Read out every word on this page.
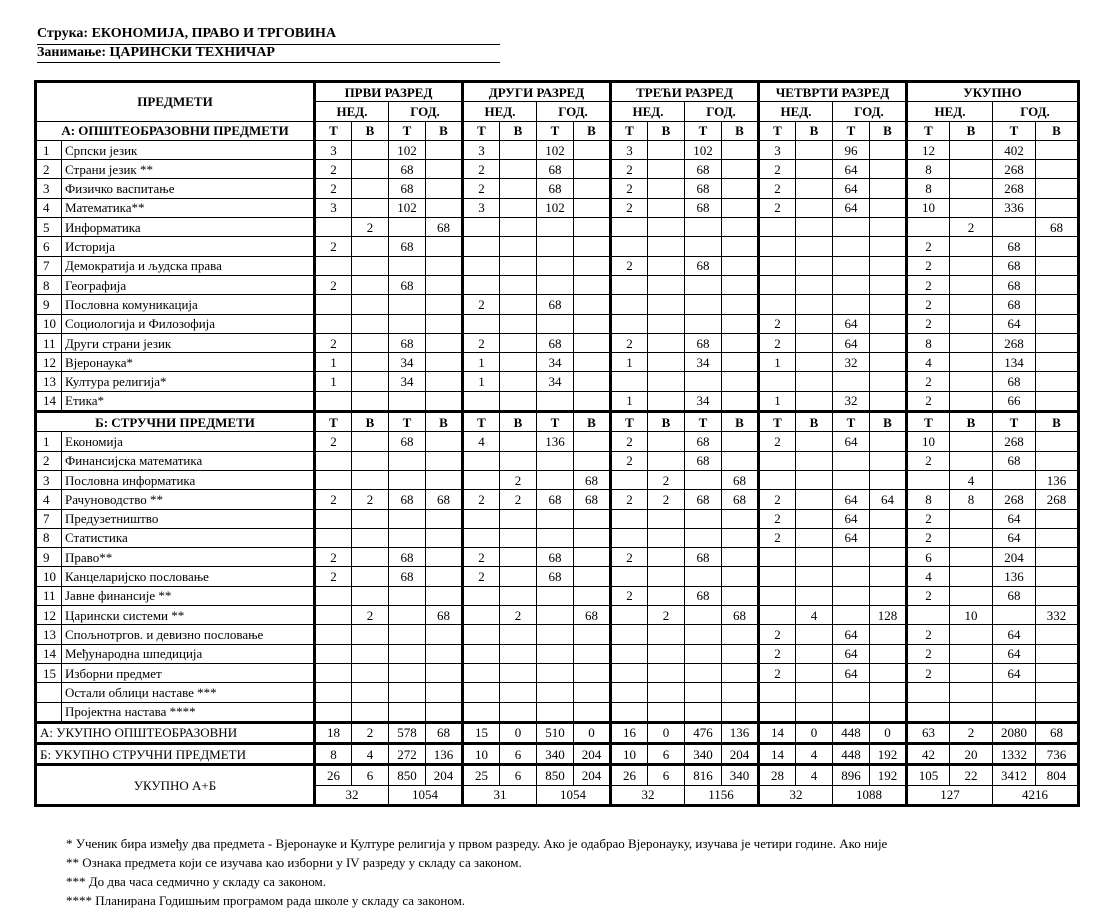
Струка: ЕКОНОМИЈА, ПРАВО И ТРГОВИНА
Занимање: ЦАРИНСКИ ТЕХНИЧАР
ПРЕДМЕТИ		ПРВИ РАЗРЕД				ДРУГИ РАЗРЕД				ТРЕЋИ РАЗРЕД				ЧЕТВРТИ РАЗРЕД				УКУПНО			
		НЕД.		ГОД.		НЕД.		ГОД.		НЕД.		ГОД.		НЕД.		ГОД.		НЕД.		ГОД.	
А: ОПШТЕОБРАЗОВНИ ПРЕДМЕТИ		Т	В	Т	В	Т	В	Т	В	Т	В	Т	В	Т	В	Т	В	Т	В	Т	В
1	Српски језик	3		102		3		102		3		102		3		96		12		402	
2	Страни језик **	2		68		2		68		2		68		2		64		8		268	
3	Физичко васпитање	2		68		2		68		2		68		2		64		8		268	
4	Математика**	3		102		3		102		2		68		2		64		10		336	
5	Информатика		2		68														2		68
6	Историја	2		68														2		68	
7	Демократија и људска права									2		68						2		68	
8	Географија	2		68														2		68	
9	Пословна комуникација					2		68										2		68	
10	Социологија и Филозофија													2		64		2		64	
11	Други страни језик	2		68		2		68		2		68		2		64		8		268	
12	Вјеронаука*	1		34		1		34		1		34		1		32		4		134	
13	Култура религија*	1		34		1		34										2		68	
14	Етика*									1		34		1		32		2		66	
Б: СТРУЧНИ ПРЕДМЕТИ		Т	В	Т	В	Т	В	Т	В	Т	В	Т	В	Т	В	Т	В	Т	В	Т	В
1	Економија	2		68		4		136		2		68		2		64		10		268	
2	Финансијска математика									2		68						2		68	
3	Пословна информатика						2		68		2		68						4		136
4	Рачуноводство **	2	2	68	68	2	2	68	68	2	2	68	68	2		64	64	8	8	268	268
7	Предузетништво													2		64		2		64	
8	Статистика													2		64		2		64	
9	Право**	2		68		2		68		2		68						6		204	
10	Канцеларијско пословање	2		68		2		68										4		136	
11	Јавне финансије **									2		68						2		68	
12	Царински системи **		2		68		2		68		2		68		4		128		10		332
13	Спољнотргов. и девизно пословање													2		64		2		64	
14	Међународна шпедиција													2		64		2		64	
15	Изборни предмет													2		64		2		64	
	Остали облици наставе ***																				
	Пројектна настава ****																				
А: УКУПНО ОПШТЕОБРАЗОВНИ		18	2	578	68	15	0	510	0	16	0	476	136	14	0	448	0	63	2	2080	68
Б: УКУПНО СТРУЧНИ ПРЕДМЕТИ		8	4	272	136	10	6	340	204	10	6	340	204	14	4	448	192	42	20	1332	736
УКУПНО А+Б		26	6	850	204	25	6	850	204	26	6	816	340	28	4	896	192	105	22	3412	804
		32		1054		31		1054		32		1156		32		1088		127		4216	
* Ученик бира између два предмета - Вјеронауке и Културе религија у првом разреду. Ако је одабрао Вјеронауку, изучава је четири године. Ако није
** Ознака предмета који се изучава као изборни у IV разреду у складу са законом.
*** До два часа седмично у складу са законом.
**** Планирана Годишњим програмом рада школе у складу са законом.
